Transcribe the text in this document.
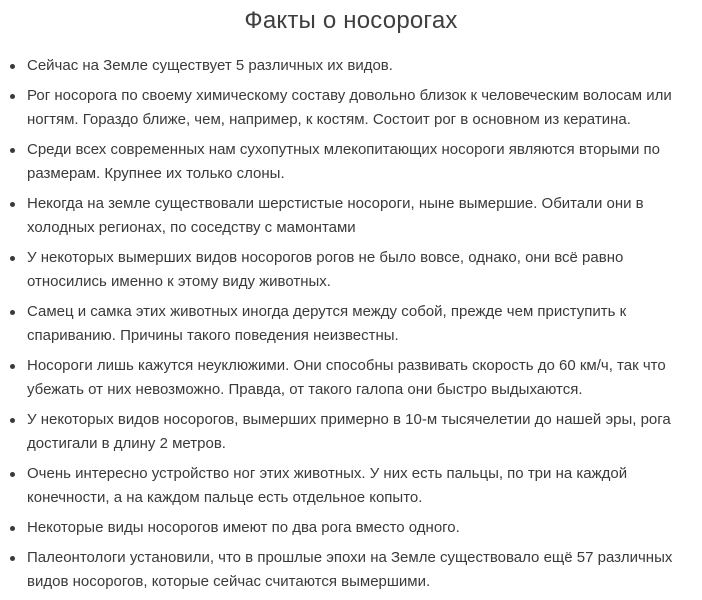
Факты о носорогах
Сейчас на Земле существует 5 различных их видов.
Рог носорога по своему химическому составу довольно близок к человеческим волосам или ногтям. Гораздо ближе, чем, например, к костям. Состоит рог в основном из кератина.
Среди всех современных нам сухопутных млекопитающих носороги являются вторыми по размерам. Крупнее их только слоны.
Некогда на земле существовали шерстистые носороги, ныне вымершие. Обитали они в холодных регионах, по соседству с мамонтами
У некоторых вымерших видов носорогов рогов не было вовсе, однако, они всё равно относились именно к этому виду животных.
Самец и самка этих животных иногда дерутся между собой, прежде чем приступить к спариванию. Причины такого поведения неизвестны.
Носороги лишь кажутся неуклюжими. Они способны развивать скорость до 60 км/ч, так что убежать от них невозможно. Правда, от такого галопа они быстро выдыхаются.
У некоторых видов носорогов, вымерших примерно в 10-м тысячелетии до нашей эры, рога достигали в длину 2 метров.
Очень интересно устройство ног этих животных. У них есть пальцы, по три на каждой конечности, а на каждом пальце есть отдельное копыто.
Некоторые виды носорогов имеют по два рога вместо одного.
Палеонтологи установили, что в прошлые эпохи на Земле существовало ещё 57 различных видов носорогов, которые сейчас считаются вымершими.
